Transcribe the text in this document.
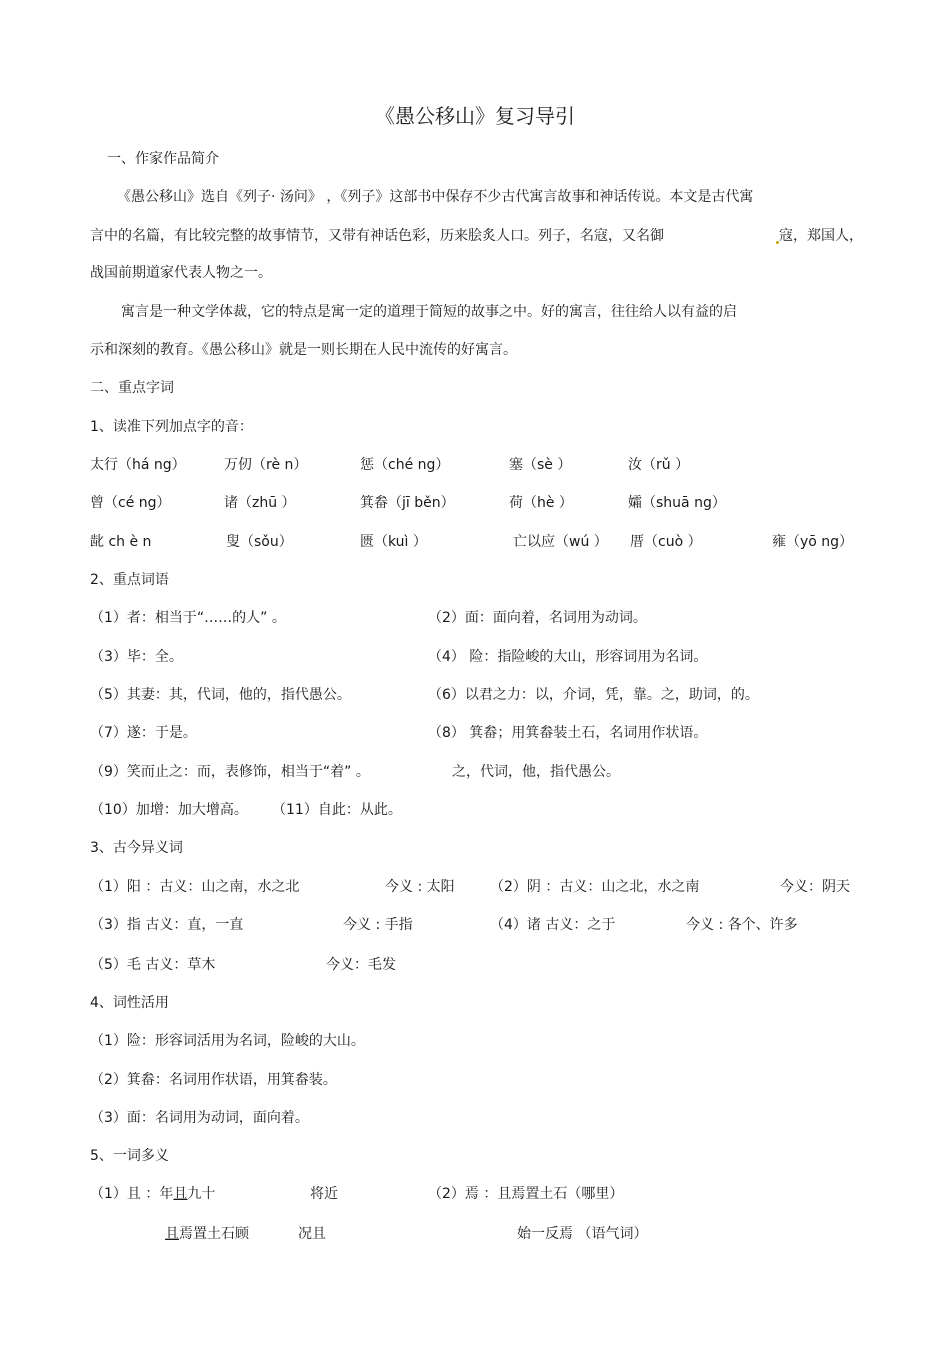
《愚公移山》复习导引
一、作家作品简介
《愚公移山》选自《列子· 汤问》 ，《列子》这部书中保存不少古代寓言故事和神话传说。本文是古代寓
言中的名篇，有比较完整的故事情节，又带有神话色彩，历来脍炙人口。列子，名寇，又名御	寇，郑国人，
战国前期道家代表人物之一。
寓言是一种文学体裁，它的特点是寓一定的道理于简短的故事之中。好的寓言，往往给人以有益的启
示和深刻的教育。《愚公移山》就是一则长期在人民中流传的好寓言。
二、重点字词
1、读准下列加点字的音：
太行（há ng）	万仞（rè n）	惩（ché ng）	塞（sè ）	汝（rǔ ）
曾（cé ng）	诸（zhū ）	箕畚（jī běn）	荷（hè ）	孀（shuā ng）
龀 ch è n	叟（sǒu）	匮（kuì ）	亡以应（wú ） 厝（cuò ）	雍（yō ng）
2、重点词语
（1）者：相当于“……的人” 。	（2）面：面向着，名词用为动词。
（3）毕：全。	（4） 险：指险峻的大山，形容词用为名词。
（5）其妻：其，代词，他的，指代愚公。	（6）以君之力：以，介词，凭，靠。之，助词，的。
（7）遂：于是。	（8） 箕畚；用箕畚装土石，名词用作状语。
（9）笑而止之：而，表修饰，相当于“着” 。	之，代词，他，指代愚公。
（10）加增：加大增高。 （11）自此：从此。
3、古今异义词
（1）阳 ：古义：山之南，水之北	今义 : 太阳	（2）阴 ：古义：山之北，水之南	今义：阴天
（3）指 古义：直，一直	今义 : 手指	（4）诸 古义：之于	今义 : 各个、许多
（5）毛 古义：草木	今义：毛发
4、词性活用
（1）险：形容词活用为名词，险峻的大山。
（2）箕畚：名词用作状语，用箕畚装。
（3）面：名词用为动词，面向着。
5、一词多义
（1）且 ：年且九十	将近	（2）焉 ：且焉置土石（哪里）
且焉置土石顾	况且	始一反焉 （语气词）
